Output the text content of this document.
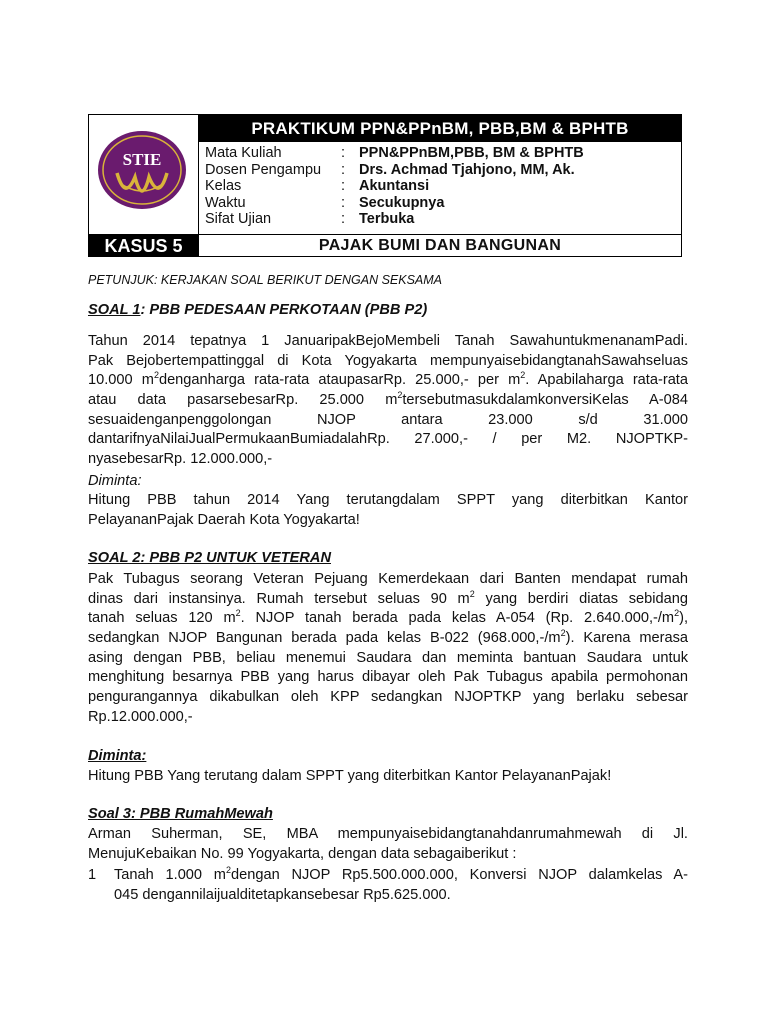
STIE
PRAKTIKUM PPN&PPnBM, PBB,BM & BPHTB
Mata Kuliah	: PPN&PPnBM,PBB, BM & BPHTB
Dosen Pengampu	: Drs. Achmad Tjahjono, MM, Ak.
Kelas	: Akuntansi
Waktu	: Secukupnya
Sifat Ujian	: Terbuka
KASUS 5	PAJAK BUMI DAN BANGUNAN
PETUNJUK: KERJAKAN SOAL BERIKUT DENGAN SEKSAMA
SOAL 1: PBB PEDESAAN PERKOTAAN (PBB P2)
Tahun 2014 tepatnya 1 JanuaripakBejoMembeli Tanah SawahuntukmenanamPadi.
Pak Bejobertempattinggal di Kota Yogyakarta mempunyaisebidangtanahSawahseluas
10.000 $m^2denganharga$ rata-rata ataupasarRp. 25.000,- per $m^2$. Apabilaharga rata-rata
atau data pasarsebesarRp. 25.000 $m^2tersebutmasukdalamkonversiKelas$ A-084
sesuaidenganpenggolongan NJOP antara 23.000 s/d 31.000
dantarifnyaNilaiJualPermukaanBumiadalahRp. 27.000,- / per M2. NJOPTKP-
nyasebesarRp. 12.000.000,-
Diminta:
Hitung PBB tahun 2014 Yang terutangdalam SPPT yang diterbitkan Kantor
PelayananPajak Daerah Kota Yogyakarta!
SOAL 2: PBB P2 UNTUK VETERAN
Pak Tubagus seorang Veteran Pejuang Kemerdekaan dari Banten mendapat rumah
dinas dari instansinya. Rumah tersebut seluas 90 $m^2$ yang berdiri diatas sebidang
tanah seluas 120 $m^2$. NJOP tanah berada pada kelas A-054 (Rp. $2.640.000,-/m^2$),
sedangkan NJOP Bangunan berada pada kelas B-022 $(968.000,-/m^2)$. Karena merasa
asing dengan PBB, beliau menemui Saudara dan meminta bantuan Saudara untuk
menghitung besarnya PBB yang harus dibayar oleh Pak Tubagus apabila permohonan
pengurangannya dikabulkan oleh KPP sedangkan NJOPTKP yang berlaku sebesar
Rp.12.000.000,-
Diminta:
Hitung PBB Yang terutang dalam SPPT yang diterbitkan Kantor PelayananPajak!
Soal 3: PBB RumahMewah
Arman Suherman, SE, MBA mempunyaisebidangtanahdanrumahmewah di Jl.
MenujuKebaikan No. 99 Yogyakarta, dengan data sebagaiberikut :
1 Tanah 1.000 $m^2dengan$ NJOP Rp5.500.000.000, Konversi NJOP dalamkelas A-
045 dengannilaijualditetapkansebesar Rp5.625.000.
